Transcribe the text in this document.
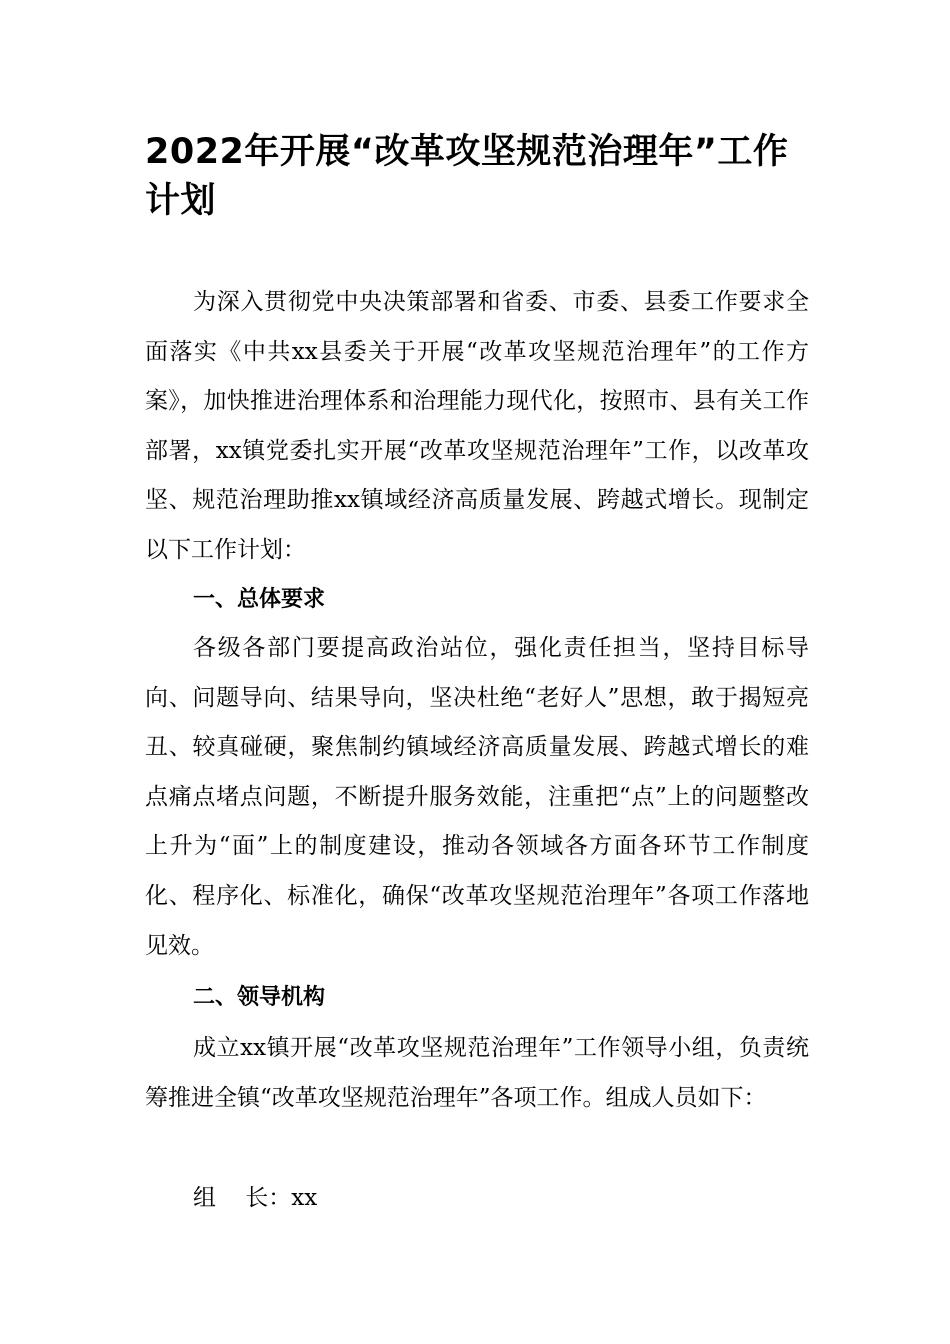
2022年开展“改革攻坚规范治理年”工作计划

为深入贯彻党中央决策部署和省委、市委、县委工作要求全面落实《中共xx县委关于开展“改革攻坚规范治理年”的工作方案》，加快推进治理体系和治理能力现代化，按照市、县有关工作部署，xx镇党委扎实开展“改革攻坚规范治理年”工作，以改革攻坚、规范治理助推xx镇域经济高质量发展、跨越式增长。现制定以下工作计划：

一、总体要求

各级各部门要提高政治站位，强化责任担当，坚持目标导向、问题导向、结果导向，坚决杜绝“老好人”思想，敢于揭短亮丑、较真碰硬，聚焦制约镇域经济高质量发展、跨越式增长的难点痛点堵点问题，不断提升服务效能，注重把“点”上的问题整改上升为“面”上的制度建设，推动各领域各方面各环节工作制度化、程序化、标准化，确保“改革攻坚规范治理年”各项工作落地见效。

二、领导机构

成立xx镇开展“改革攻坚规范治理年”工作领导小组，负责统筹推进全镇“改革攻坚规范治理年”各项工作。组成人员如下：

组    长：xx
